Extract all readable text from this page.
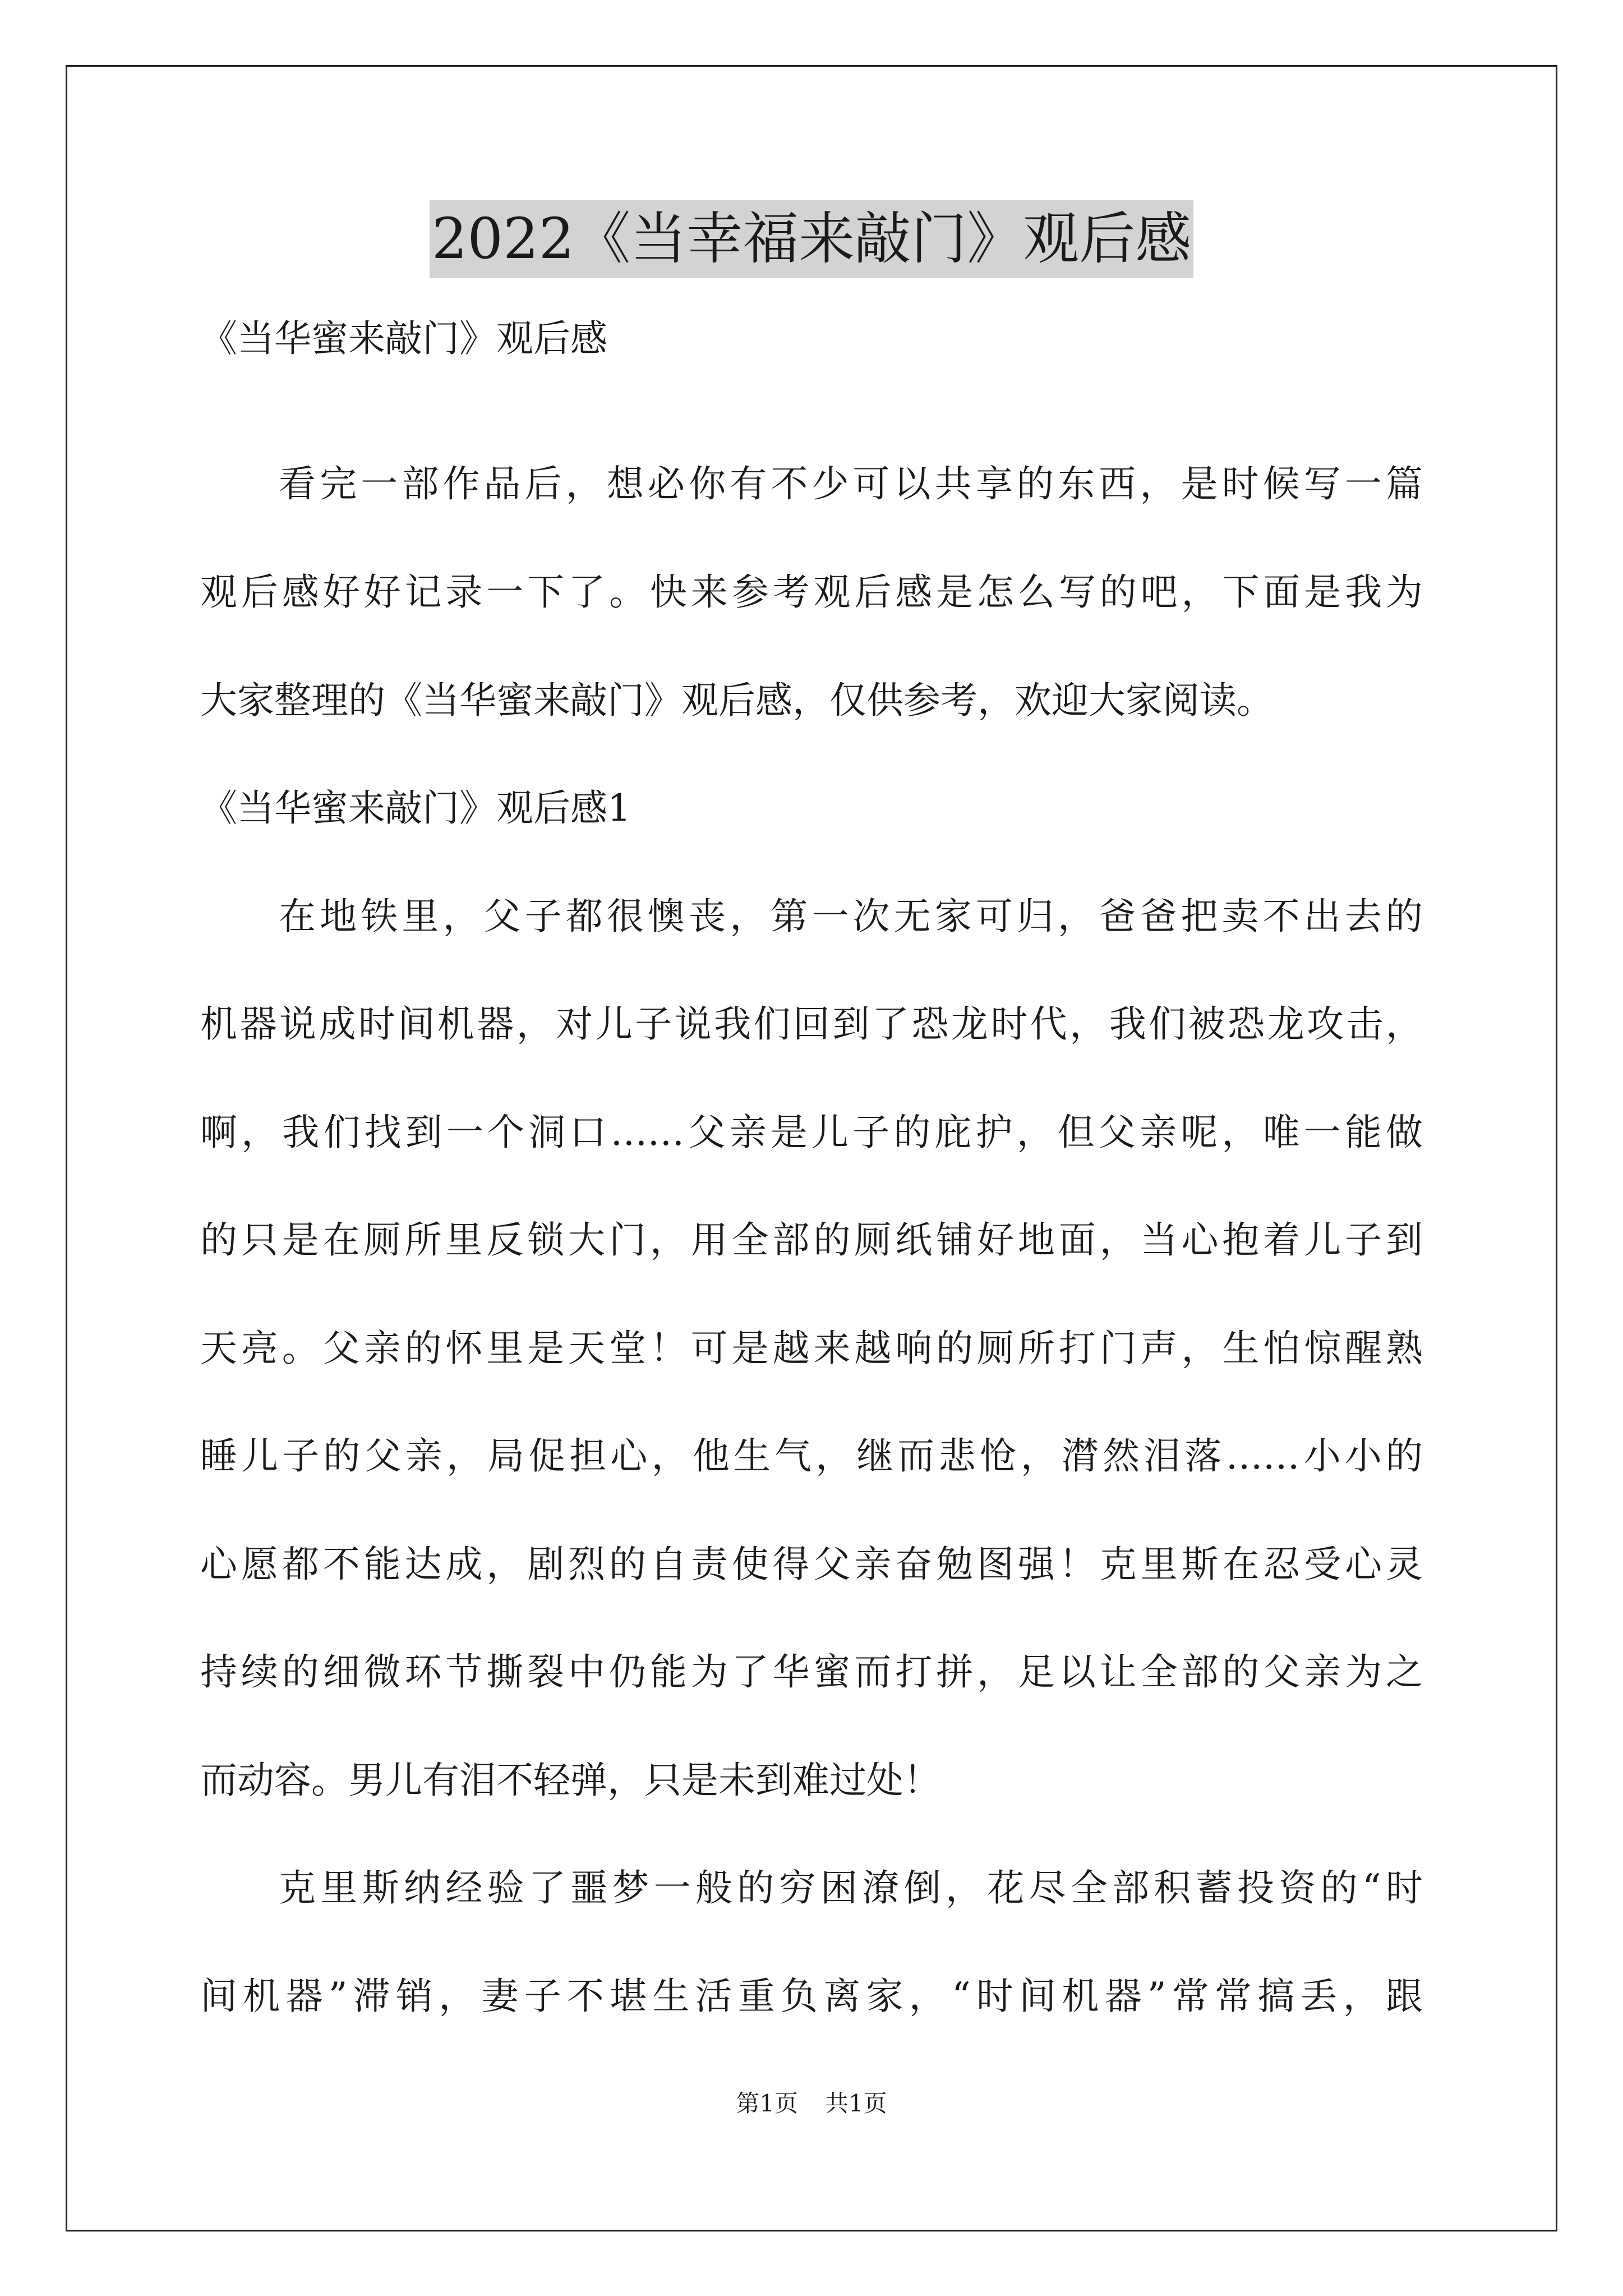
2022《当幸福来敲门》观后感
《当华蜜来敲门》观后感
看完一部作品后，想必你有不少可以共享的东西，是时候写一篇
观后感好好记录一下了。快来参考观后感是怎么写的吧，下面是我为
大家整理的《当华蜜来敲门》观后感，仅供参考，欢迎大家阅读。
《当华蜜来敲门》观后感1
在地铁里，父子都很懊丧，第一次无家可归，爸爸把卖不出去的
机器说成时间机器，对儿子说我们回到了恐龙时代，我们被恐龙攻击，
啊，我们找到一个洞口……父亲是儿子的庇护，但父亲呢，唯一能做
的只是在厕所里反锁大门，用全部的厕纸铺好地面，当心抱着儿子到
天亮。父亲的怀里是天堂！可是越来越响的厕所打门声，生怕惊醒熟
睡儿子的父亲，局促担心，他生气，继而悲怆，潸然泪落……小小的
心愿都不能达成，剧烈的自责使得父亲奋勉图强！克里斯在忍受心灵
持续的细微环节撕裂中仍能为了华蜜而打拼，足以让全部的父亲为之
而动容。男儿有泪不轻弹，只是未到难过处！
克里斯纳经验了噩梦一般的穷困潦倒，花尽全部积蓄投资的“时
间机器”滞销，妻子不堪生活重负离家，“时间机器”常常搞丢，跟
第1页 共1页
